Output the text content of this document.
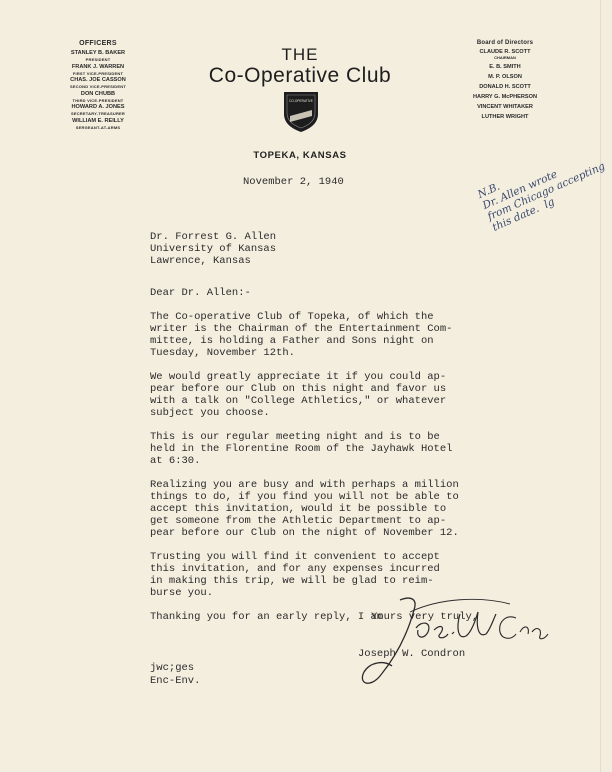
OFFICERS
STANLEY B. BAKER
PRESIDENT
FRANK J. WARREN
FIRST VICE-PRESIDENT
CHAS. JOE CASSON
SECOND VICE-PRESIDENT
DON CHUBB
THIRD VICE-PRESIDENT
HOWARD A. JONES
SECRETARY-TREASURER
WILLIAM E. REILLY
SERGEANT-AT-ARMS
THE
Co-Operative Club
CO-OPERATIVE
TOPEKA, KANSAS
Board of Directors
CLAUDE R. SCOTT
CHAIRMAN
E. B. SMITH
M. P. OLSON
DONALD H. SCOTT
HARRY G. McPHERSON
VINCENT WHITAKER
LUTHER WRIGHT
N.B.
Dr. Allen wrote
from Chicago accepting
this date.  lg
November 2, 1940
Dr. Forrest G. Allen
University of Kansas
Lawrence, Kansas
Dear Dr. Allen:-

The Co-operative Club of Topeka, of which the
writer is the Chairman of the Entertainment Com-
mittee, is holding a Father and Sons night on
Tuesday, November 12th.

We would greatly appreciate it if you could ap-
pear before our Club on this night and favor us
with a talk on "College Athletics," or whatever
subject you choose.

This is our regular meeting night and is to be
held in the Florentine Room of the Jayhawk Hotel
at 6:30.

Realizing you are busy and with perhaps a million
things to do, if you find you will not be able to
accept this invitation, would it be possible to
get someone from the Athletic Department to ap-
pear before our Club on the night of November 12.

Trusting you will find it convenient to accept
this invitation, and for any expenses incurred
in making this trip, we will be glad to reim-
burse you.

Thanking you for an early reply, I am

Yours very truly,
Joseph W. Condron
jwc;ges
Enc-Env.
